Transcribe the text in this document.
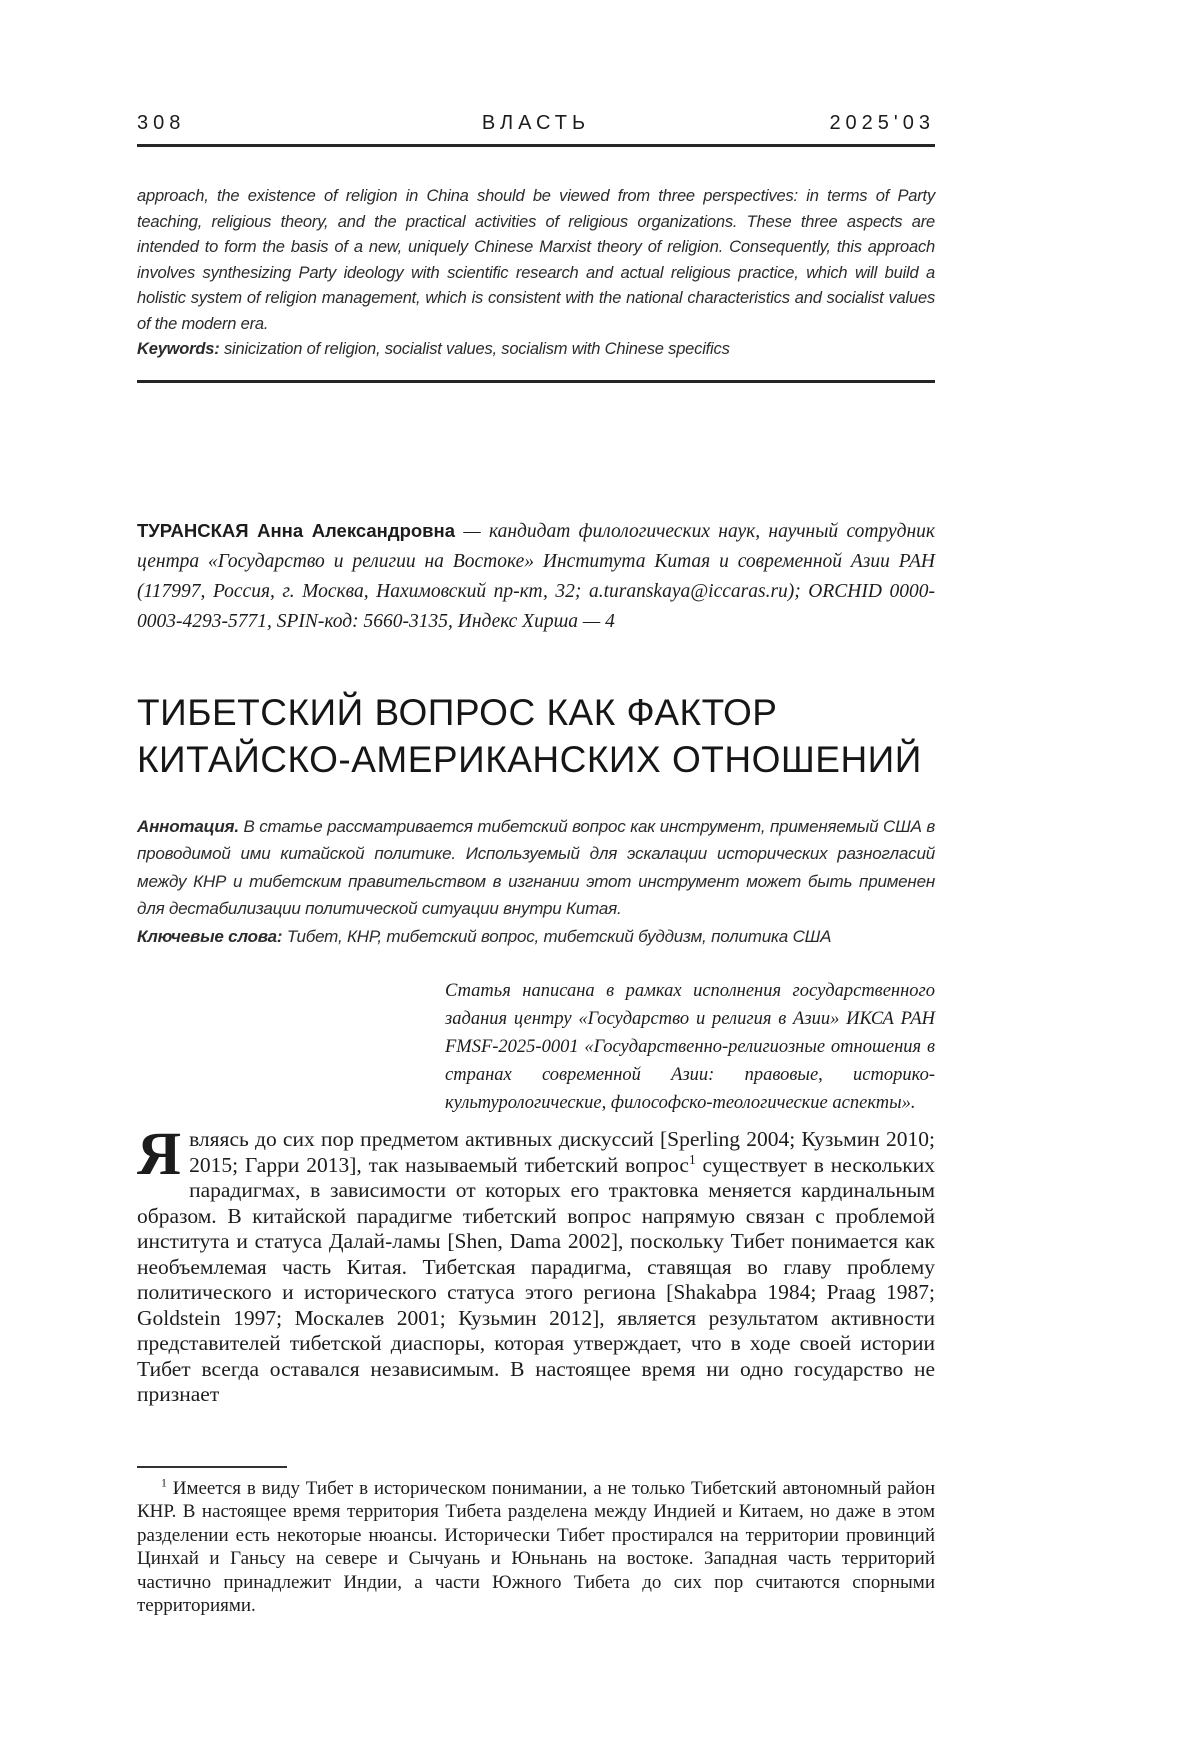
308	ВЛАСТЬ	2025'03

approach, the existence of religion in China should be viewed from three perspectives: in terms of Party teaching, religious theory, and the practical activities of religious organizations. These three aspects are intended to form the basis of a new, uniquely Chinese Marxist theory of religion. Consequently, this approach involves synthesizing Party ideology with scientific research and actual religious practice, which will build a holistic system of religion management, which is consistent with the national characteristics and socialist values of the modern era.

Keywords: sinicization of religion, socialist values, socialism with Chinese specifics

ТУРАНСКАЯ Анна Александровна — кандидат филологических наук, научный сотрудник центра «Государство и религии на Востоке» Института Китая и современной Азии РАН (117997, Россия, г. Москва, Нахимовский пр-кт, 32; a.turanskaya@iccaras.ru); ORCHID 0000-0003-4293-5771, SPIN-код: 5660-3135, Индекс Хирша — 4

ТИБЕТСКИЙ ВОПРОС КАК ФАКТОР
КИТАЙСКО-АМЕРИКАНСКИХ ОТНОШЕНИЙ

Аннотация. В статье рассматривается тибетский вопрос как инструмент, применяемый США в проводимой ими китайской политике. Используемый для эскалации исторических разногласий между КНР и тибетским правительством в изгнании этот инструмент может быть применен для дестабилизации политической ситуации внутри Китая.

Ключевые слова: Тибет, КНР, тибетский вопрос, тибетский буддизм, политика США

Статья написана в рамках исполнения государственного задания центру «Государство и религия в Азии» ИКСА РАН FMSF-2025-0001 «Государственно-религиозные отношения в странах современной Азии: правовые, историко-культурологические, философско-теологические аспекты».

Являясь до сих пор предметом активных дискуссий [Sperling 2004; Кузьмин 2010; 2015; Гарри 2013], так называемый тибетский вопрос$^1$ существует в нескольких парадигмах, в зависимости от которых его трактовка меняется кардинальным образом. В китайской парадигме тибетский вопрос напрямую связан с проблемой института и статуса Далай-ламы [Shen, Dama 2002], поскольку Тибет понимается как необъемлемая часть Китая. Тибетская парадигма, ставящая во главу проблему политического и исторического статуса этого региона [Shakabpa 1984; Praag 1987; Goldstein 1997; Москалев 2001; Кузьмин 2012], является результатом активности представителей тибетской диаспоры, которая утверждает, что в ходе своей истории Тибет всегда оставался независимым. В настоящее время ни одно государство не признает

$^1$ Имеется в виду Тибет в историческом понимании, а не только Тибетский автономный район КНР. В настоящее время территория Тибета разделена между Индией и Китаем, но даже в этом разделении есть некоторые нюансы. Исторически Тибет простирался на территории провинций Цинхай и Ганьсу на севере и Сычуань и Юньнань на востоке. Западная часть территорий частично принадлежит Индии, а части Южного Тибета до сих пор считаются спорными территориями.
